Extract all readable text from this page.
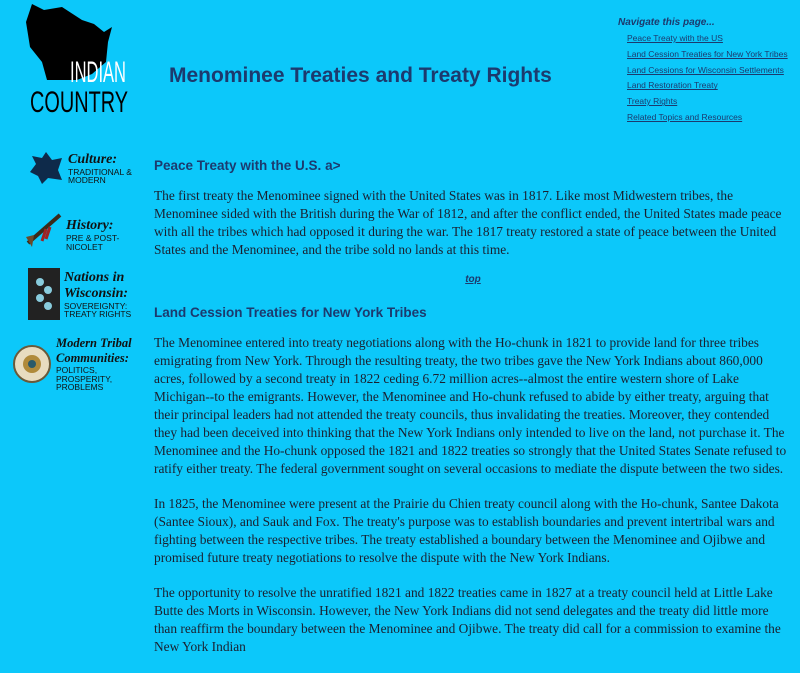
INDIAN
COUNTRY
Menominee Treaties and Treaty Rights
Navigate this page...
Peace Treaty with the US
Land Cession Treaties for New York Tribes
Land Cessions for Wisconsin Settlements
Land Restoration Treaty
Treaty Rights
Related Topics and Resources
Culture:
TRADITIONAL & MODERN
History:
PRE & POST-NICOLET
Nations in Wisconsin:
SOVEREIGNTY: TREATY RIGHTS
Modern Tribal Communities:
POLITICS, PROSPERITY, PROBLEMS
Peace Treaty with the U.S. a>

The first treaty the Menominee signed with the United States was in 1817. Like most Midwestern tribes, the Menominee sided with the British during the War of 1812, and after the conflict ended, the United States made peace with all the tribes which had opposed it during the war. The 1817 treaty restored a state of peace between the United States and the Menominee, and the tribe sold no lands at this time.

top
Land Cession Treaties for New York Tribes

The Menominee entered into treaty negotiations along with the Ho-chunk in 1821 to provide land for three tribes emigrating from New York. Through the resulting treaty, the two tribes gave the New York Indians about 860,000 acres, followed by a second treaty in 1822 ceding 6.72 million acres--almost the entire western shore of Lake Michigan--to the emigrants. However, the Menominee and Ho-chunk refused to abide by either treaty, arguing that their principal leaders had not attended the treaty councils, thus invalidating the treaties. Moreover, they contended they had been deceived into thinking that the New York Indians only intended to live on the land, not purchase it. The Menominee and the Ho-chunk opposed the 1821 and 1822 treaties so strongly that the United States Senate refused to ratify either treaty. The federal government sought on several occasions to mediate the dispute between the two sides.

In 1825, the Menominee were present at the Prairie du Chien treaty council along with the Ho-chunk, Santee Dakota (Santee Sioux), and Sauk and Fox. The treaty's purpose was to establish boundaries and prevent intertribal wars and fighting between the respective tribes. The treaty established a boundary between the Menominee and Ojibwe and promised future treaty negotiations to resolve the dispute with the New York Indians.

The opportunity to resolve the unratified 1821 and 1822 treaties came in 1827 at a treaty council held at Little Lake Butte des Morts in Wisconsin. However, the New York Indians did not send delegates and the treaty did little more than reaffirm the boundary between the Menominee and Ojibwe. The treaty did call for a commission to examine the New York Indian
